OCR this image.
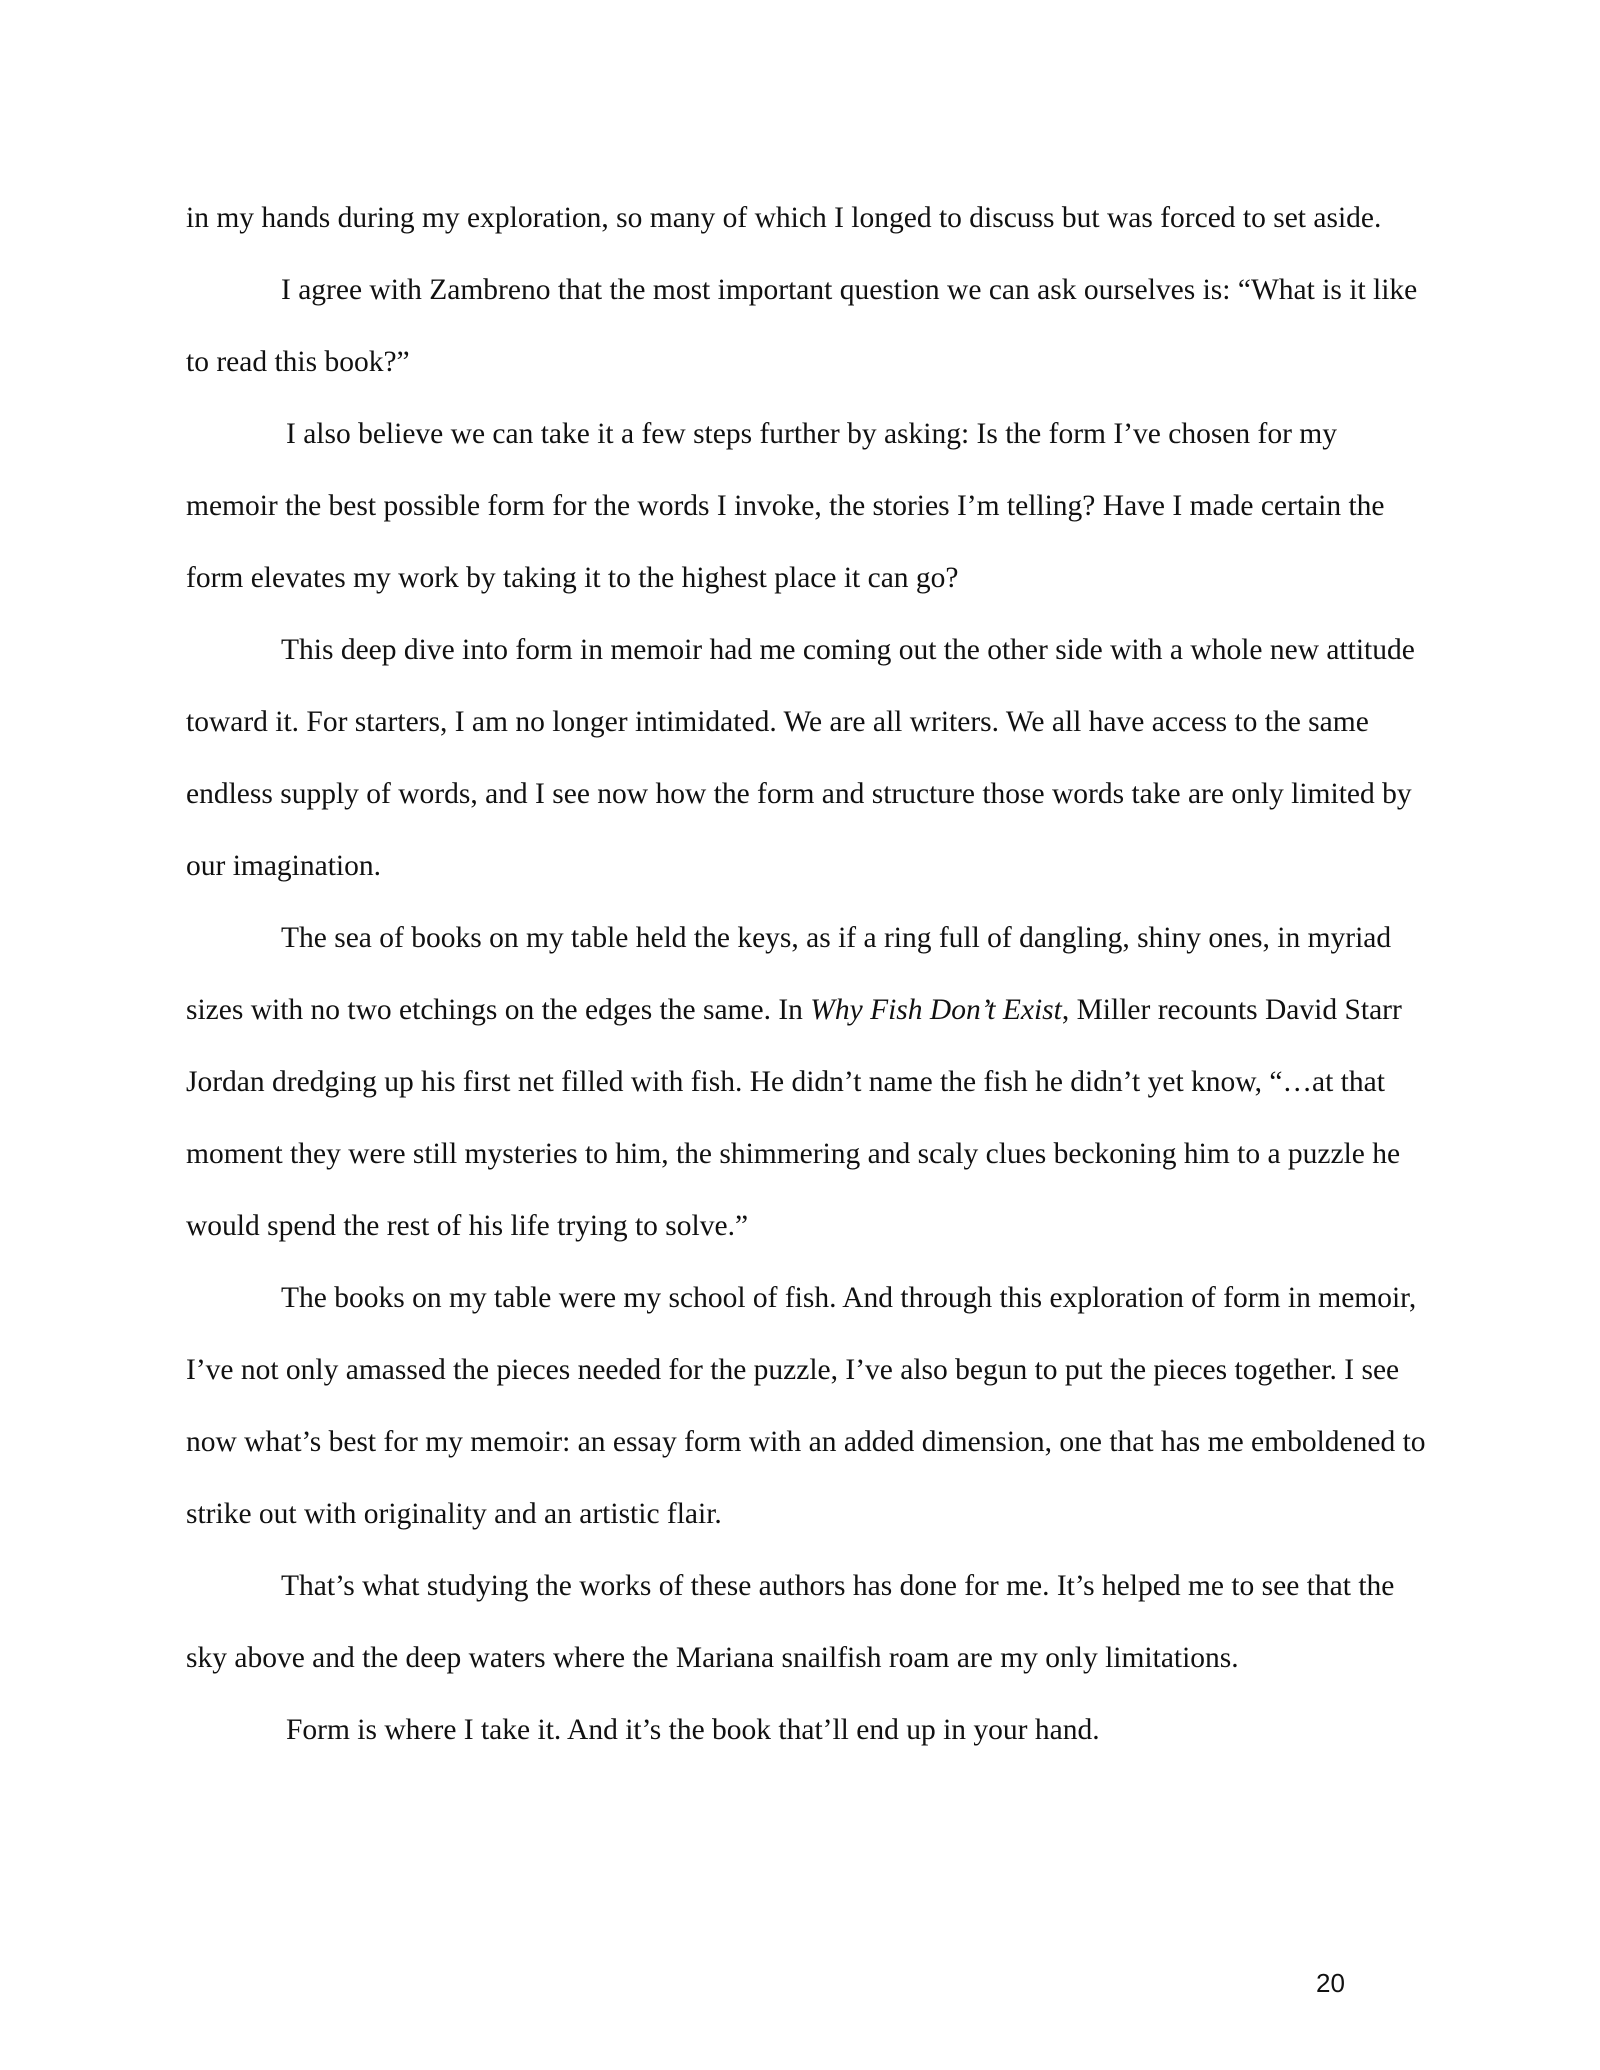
in my hands during my exploration, so many of which I longed to discuss but was forced to set aside.

I agree with Zambreno that the most important question we can ask ourselves is: “What is it like to read this book?”

I also believe we can take it a few steps further by asking: Is the form I’ve chosen for my memoir the best possible form for the words I invoke, the stories I’m telling? Have I made certain the form elevates my work by taking it to the highest place it can go?

This deep dive into form in memoir had me coming out the other side with a whole new attitude toward it. For starters, I am no longer intimidated. We are all writers. We all have access to the same endless supply of words, and I see now how the form and structure those words take are only limited by our imagination.

The sea of books on my table held the keys, as if a ring full of dangling, shiny ones, in myriad sizes with no two etchings on the edges the same. In Why Fish Don’t Exist, Miller recounts David Starr Jordan dredging up his first net filled with fish. He didn’t name the fish he didn’t yet know, “…at that moment they were still mysteries to him, the shimmering and scaly clues beckoning him to a puzzle he would spend the rest of his life trying to solve.”

The books on my table were my school of fish. And through this exploration of form in memoir, I’ve not only amassed the pieces needed for the puzzle, I’ve also begun to put the pieces together. I see now what’s best for my memoir: an essay form with an added dimension, one that has me emboldened to strike out with originality and an artistic flair.

That’s what studying the works of these authors has done for me. It’s helped me to see that the sky above and the deep waters where the Mariana snailfish roam are my only limitations.

Form is where I take it. And it’s the book that’ll end up in your hand.

20
